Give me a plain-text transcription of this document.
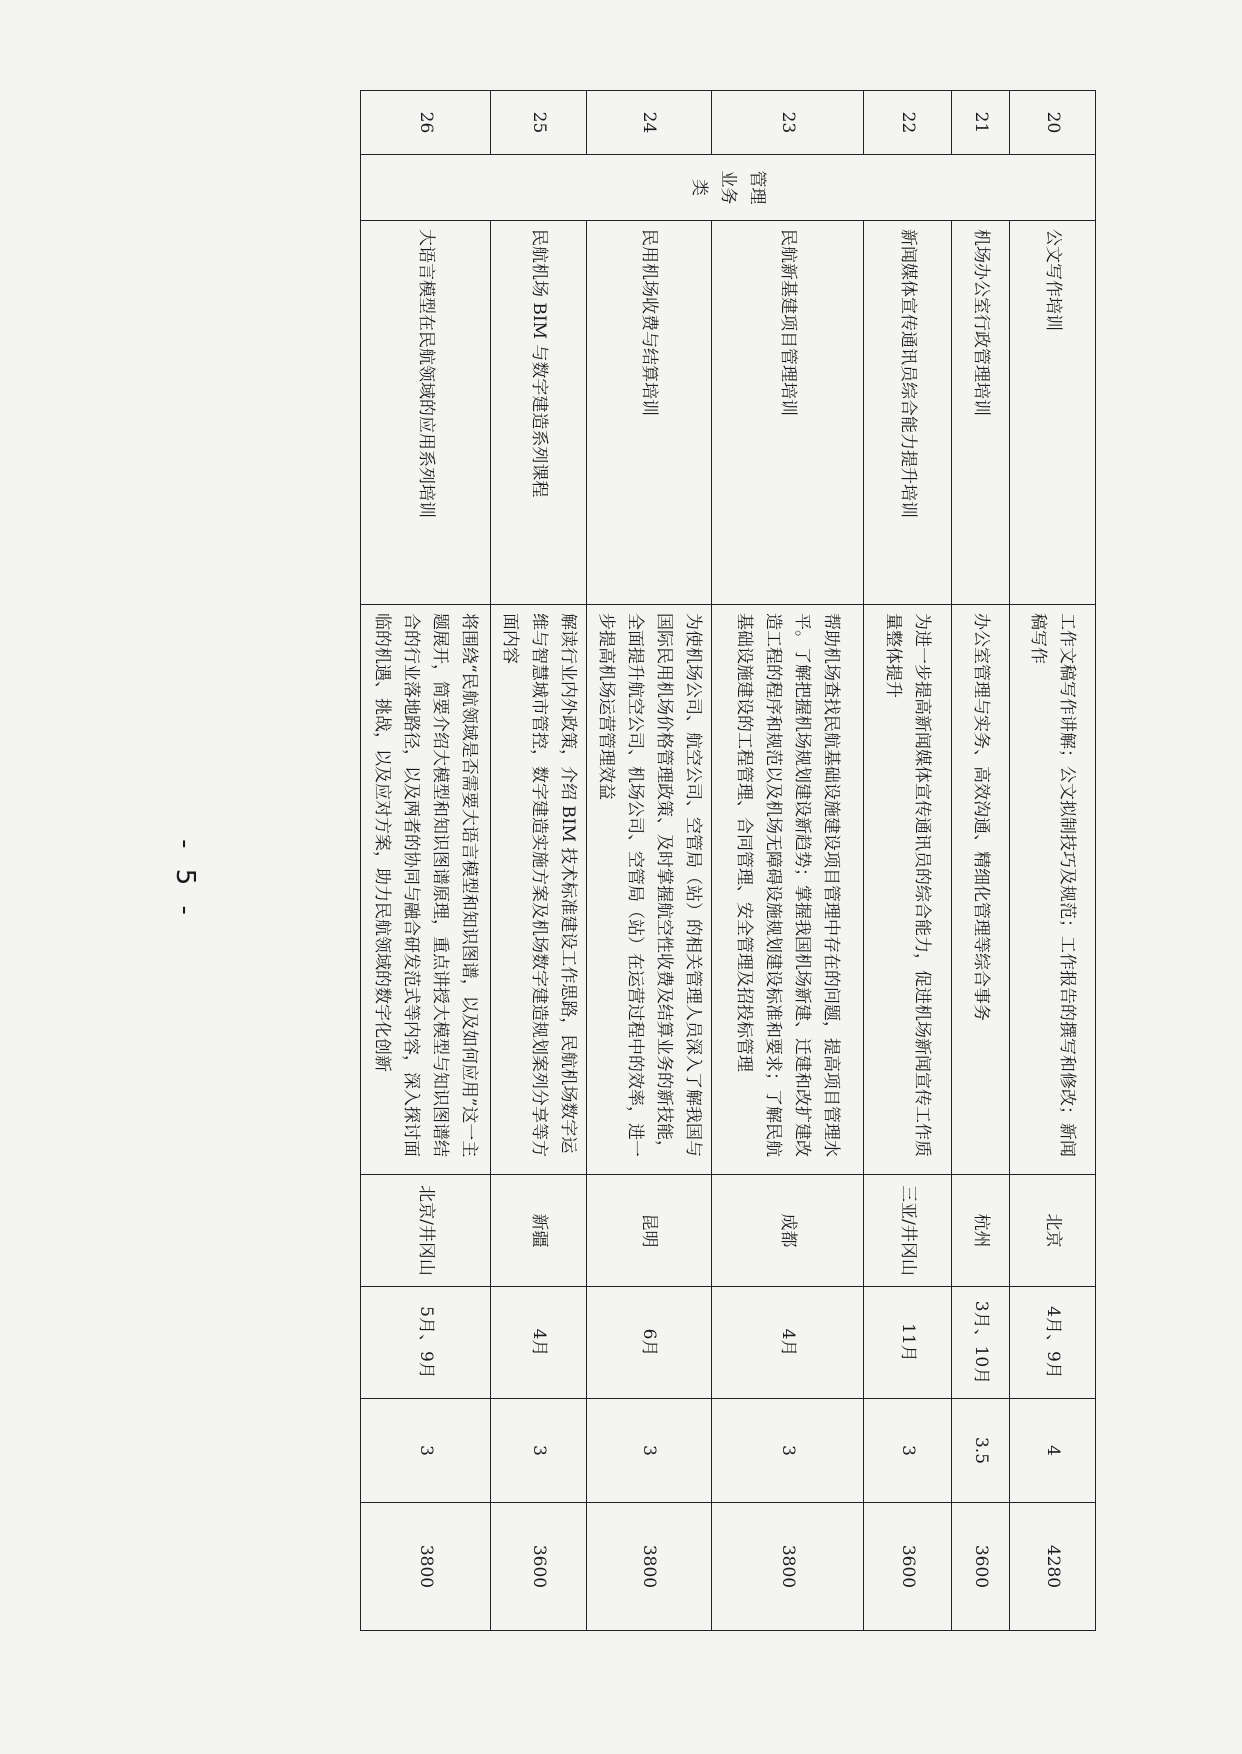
20	管理业务类	公文写作培训	工作文稿写作讲解；公文拟制技巧及规范；工作报告的撰写和修改；新闻稿写作	北京	4月、9月	4	4280
21		机场办公室行政管理培训	办公室管理与实务、高效沟通、精细化管理等综合事务	杭州	3月、10月	3.5	3600
22		新闻媒体宣传通讯员综合能力提升培训	为进一步提高新闻媒体宣传通讯员的综合能力，促进机场新闻宣传工作质量整体提升	三亚/井冈山	11月	3	3600
23		民航新基建项目管理培训	帮助机场查找民航基础设施建设项目管理中存在的问题，提高项目管理水平。了解把握机场规划建设新趋势；掌握我国机场新建、迁建和改扩建改造工程的程序和规范以及机场无障碍设施规划建设标准和要求；了解民航基础设施建设的工程管理、合同管理、安全管理及招投标管理	成都	4月	3	3800
24		民用机场收费与结算培训	为使机场公司、航空公司、空管局（站）的相关管理人员深入了解我国与国际民用机场价格管理政策、及时掌握航空性收费及结算业务的新技能，全面提升航空公司、机场公司、空管局（站）在运营过程中的效率，进一步提高机场运营管理效益	昆明	6月	3	3800
25		民航机场 BIM 与数字建造系列课程	解读行业内外政策，介绍 BIM 技术标准建设工作思路，民航机场数字运维与智慧城市管控，数字建造实施方案及机场数字建造规划案列分享等方面内容	新疆	4月	3	3600
26		大语言模型在民航领域的应用系列培训	将围绕“民航领域是否需要大语言模型和知识图谱，以及如何应用”这一主题展开，简要介绍大模型和知识图谱原理，重点讲授大模型与知识图谱结合的行业落地路径，以及两者的协同与融合研发范式等内容，深入探讨面临的机遇、挑战，以及应对方案，助力民航领域的数字化创新	北京/井冈山	5月、9月	3	3800
- 5 -
